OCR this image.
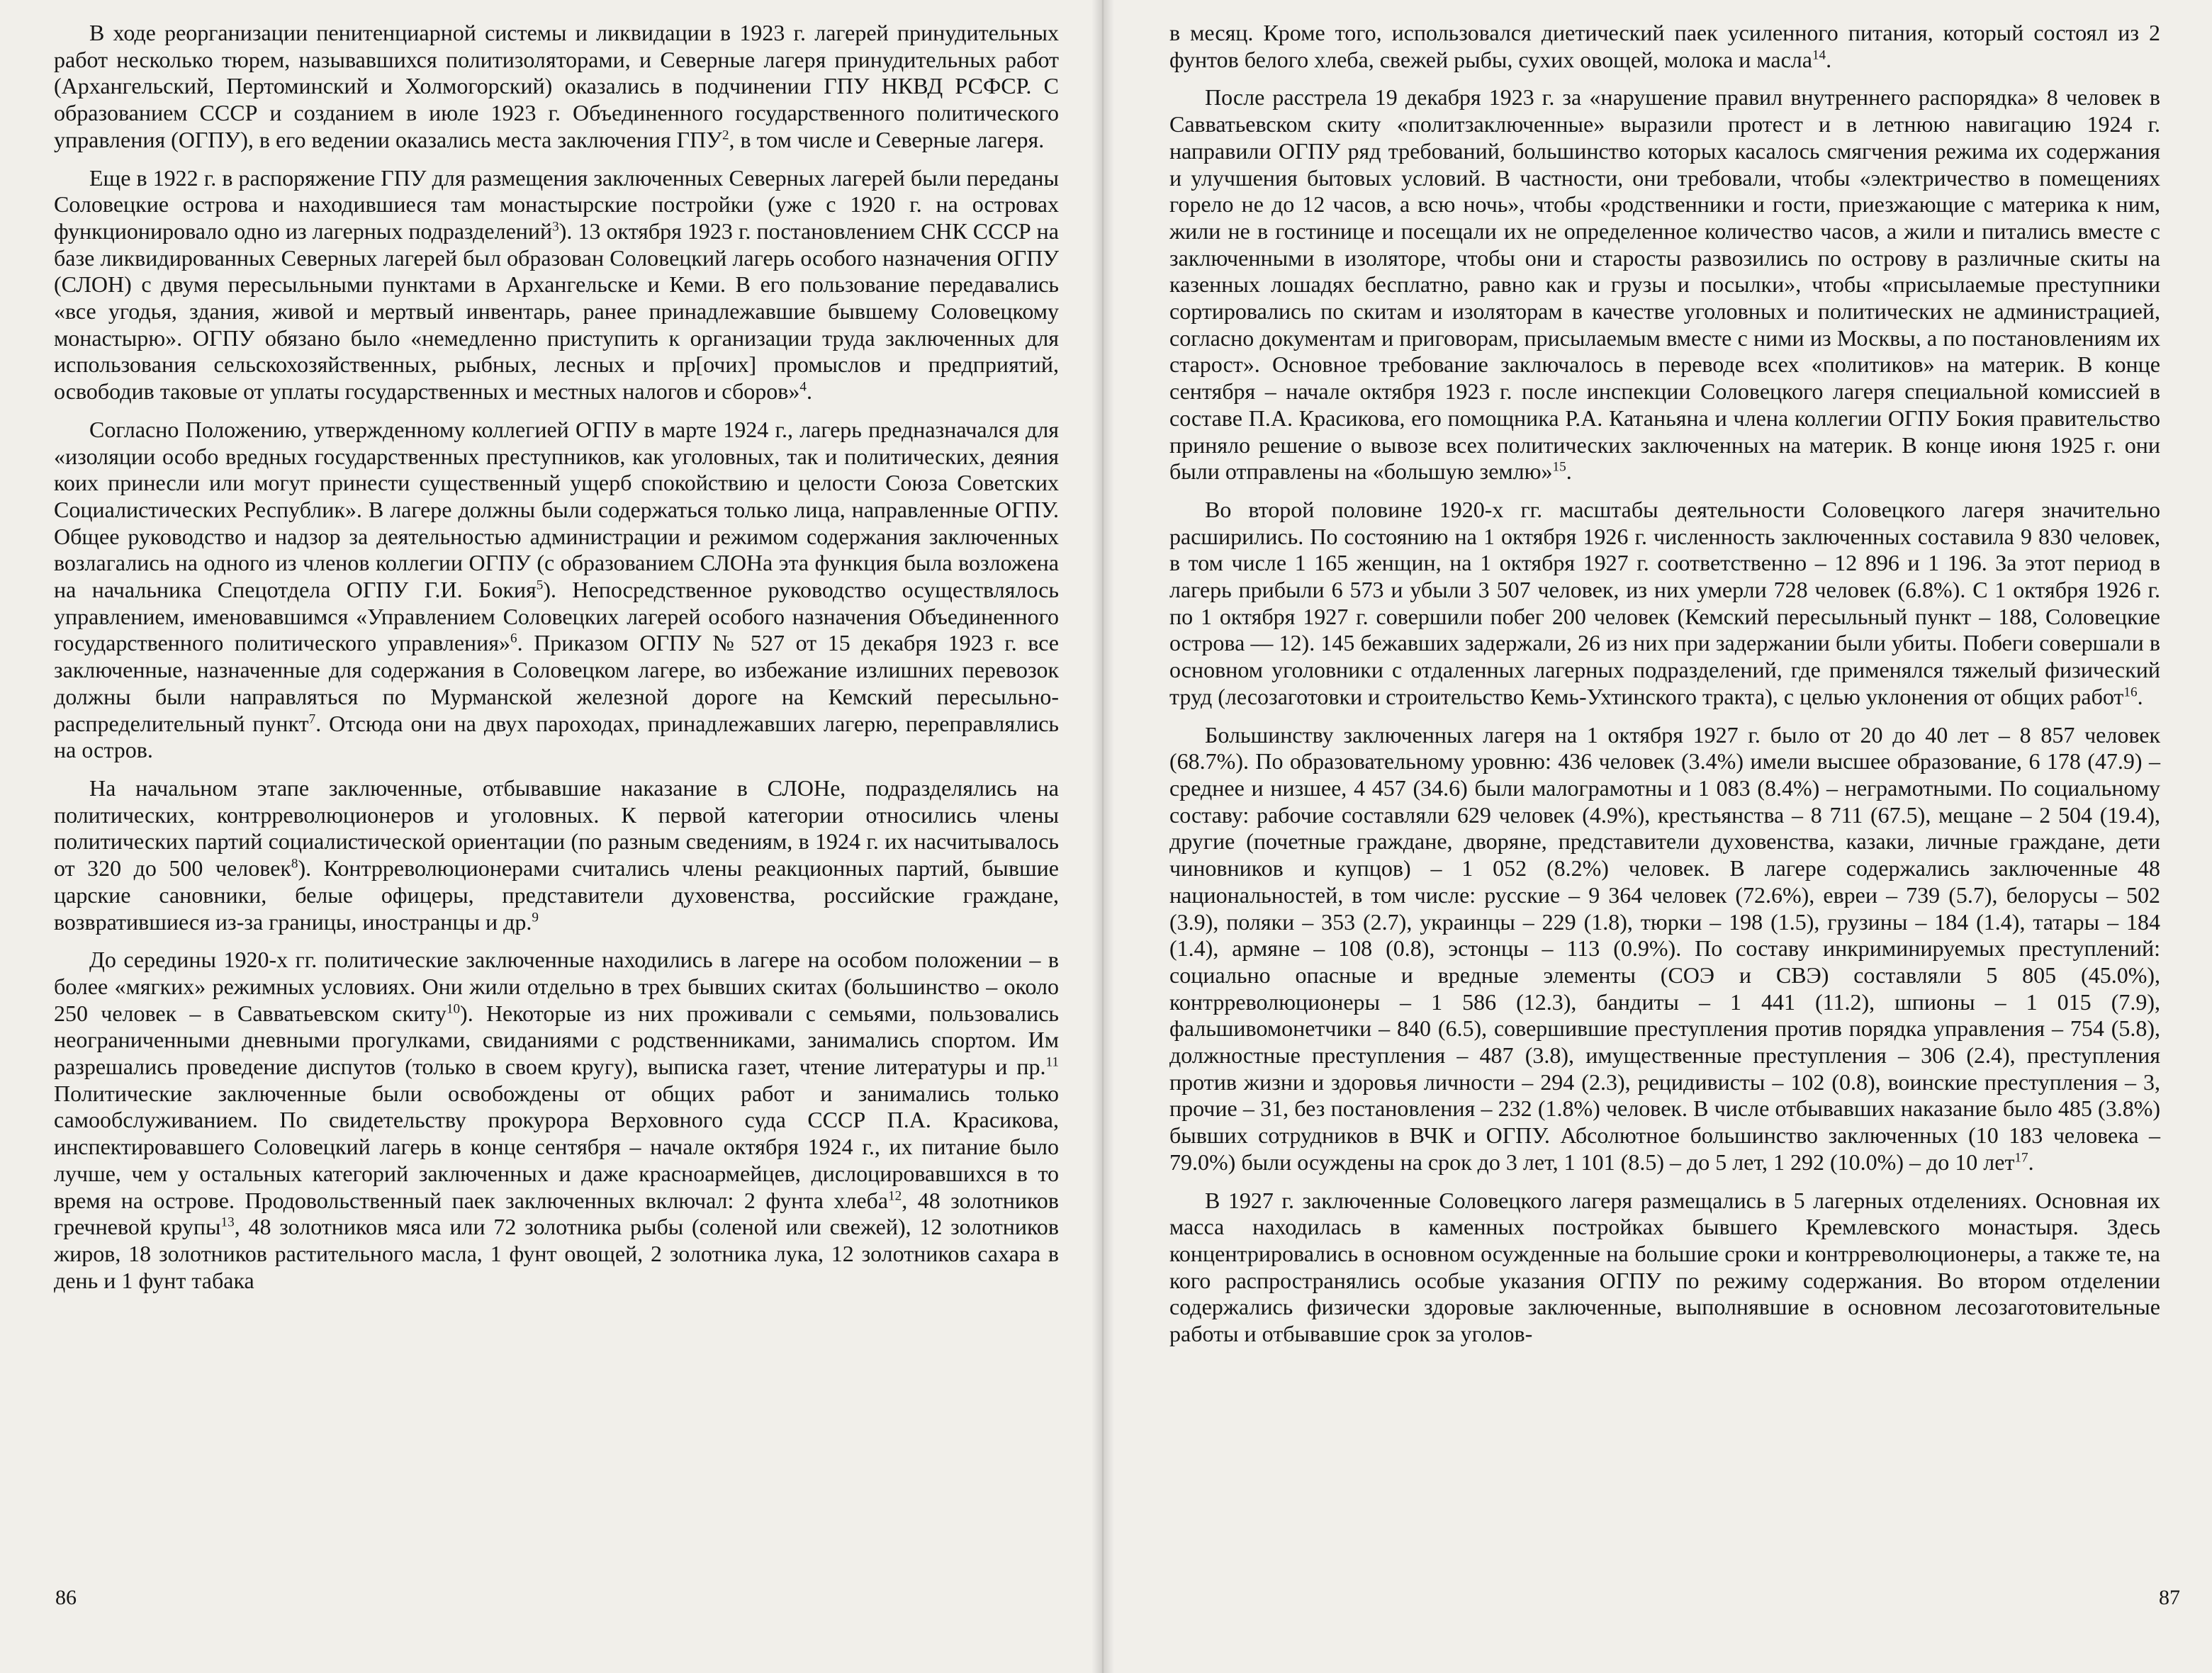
В ходе реорганизации пенитенциарной системы и ликвидации в 1923 г. лагерей принудительных работ несколько тюрем, называвшихся политизоляторами, и Северные лагеря принудительных работ (Архангельский, Пертоминский и Холмогорский) оказались в подчинении ГПУ НКВД РСФСР. С образованием СССР и созданием в июле 1923 г. Объединенного государственного политического управления (ОГПУ), в его ведении оказались места заключения ГПУ$^2$, в том числе и Северные лагеря.

Еще в 1922 г. в распоряжение ГПУ для размещения заключенных Северных лагерей были переданы Соловецкие острова и находившиеся там монастырские постройки (уже с 1920 г. на островах функционировало одно из лагерных подразделений$^3$). 13 октября 1923 г. постановлением СНК СССР на базе ликвидированных Северных лагерей был образован Соловецкий лагерь особого назначения ОГПУ (СЛОН) с двумя пересыльными пунктами в Архангельске и Кеми. В его пользование передавались «все угодья, здания, живой и мертвый инвентарь, ранее принадлежавшие бывшему Соловецкому монастырю». ОГПУ обязано было «немедленно приступить к организации труда заключенных для использования сельскохозяйственных, рыбных, лесных и пр[очих] промыслов и предприятий, освободив таковые от уплаты государственных и местных налогов и сборов»$^4$.

Согласно Положению, утвержденному коллегией ОГПУ в марте 1924 г., лагерь предназначался для «изоляции особо вредных государственных преступников, как уголовных, так и политических, деяния коих принесли или могут принести существенный ущерб спокойствию и целости Союза Советских Социалистических Республик». В лагере должны были содержаться только лица, направленные ОГПУ. Общее руководство и надзор за деятельностью администрации и режимом содержания заключенных возлагались на одного из членов коллегии ОГПУ (с образованием СЛОНа эта функция была возложена на начальника Спецотдела ОГПУ Г.И. Бокия$^5$). Непосредственное руководство осуществлялось управлением, именовавшимся «Управлением Соловецких лагерей особого назначения Объединенного государственного политического управления»$^6$. Приказом ОГПУ № 527 от 15 декабря 1923 г. все заключенные, назначенные для содержания в Соловецком лагере, во избежание излишних перевозок должны были направляться по Мурманской железной дороге на Кемский пересыльно-распределительный пункт$^7$. Отсюда они на двух пароходах, принадлежавших лагерю, переправлялись на остров.

На начальном этапе заключенные, отбывавшие наказание в СЛОНе, подразделялись на политических, контрреволюционеров и уголовных. К первой категории относились члены политических партий социалистической ориентации (по разным сведениям, в 1924 г. их насчитывалось от 320 до 500 человек$^8$). Контрреволюционерами считались члены реакционных партий, бывшие царские сановники, белые офицеры, представители духовенства, российские граждане, возвратившиеся из-за границы, иностранцы и др.$^9$

До середины 1920-х гг. политические заключенные находились в лагере на особом положении – в более «мягких» режимных условиях. Они жили отдельно в трех бывших скитах (большинство – около 250 человек – в Савватьевском скиту$^{10}$). Некоторые из них проживали с семьями, пользовались неограниченными дневными прогулками, свиданиями с родственниками, занимались спортом. Им разрешались проведение диспутов (только в своем кругу), выписка газет, чтение литературы и пр.$^{11}$ Политические заключенные были освобождены от общих работ и занимались только самообслуживанием. По свидетельству прокурора Верховного суда СССР П.А. Красикова, инспектировавшего Соловецкий лагерь в конце сентября – начале октября 1924 г., их питание было лучше, чем у остальных категорий заключенных и даже красноармейцев, дислоцировавшихся в то время на острове. Продовольственный паек заключенных включал: 2 фунта хлеба$^{12}$, 48 золотников гречневой крупы$^{13}$, 48 золотников мяса или 72 золотника рыбы (соленой или свежей), 12 золотников жиров, 18 золотников растительного масла, 1 фунт овощей, 2 золотника лука, 12 золотников сахара в день и 1 фунт табака

86

в месяц. Кроме того, использовался диетический паек усиленного питания, который состоял из 2 фунтов белого хлеба, свежей рыбы, сухих овощей, молока и масла$^{14}$.

После расстрела 19 декабря 1923 г. за «нарушение правил внутреннего распорядка» 8 человек в Савватьевском скиту «политзаключенные» выразили протест и в летнюю навигацию 1924 г. направили ОГПУ ряд требований, большинство которых касалось смягчения режима их содержания и улучшения бытовых условий. В частности, они требовали, чтобы «электричество в помещениях горело не до 12 часов, а всю ночь», чтобы «родственники и гости, приезжающие с материка к ним, жили не в гостинице и посещали их не определенное количество часов, а жили и питались вместе с заключенными в изоляторе, чтобы они и старосты развозились по острову в различные скиты на казенных лошадях бесплатно, равно как и грузы и посылки», чтобы «присылаемые преступники сортировались по скитам и изоляторам в качестве уголовных и политических не администрацией, согласно документам и приговорам, присылаемым вместе с ними из Москвы, а по постановлениям их старост». Основное требование заключалось в переводе всех «политиков» на материк. В конце сентября – начале октября 1923 г. после инспекции Соловецкого лагеря специальной комиссией в составе П.А. Красикова, его помощника Р.А. Катаньяна и члена коллегии ОГПУ Бокия правительство приняло решение о вывозе всех политических заключенных на материк. В конце июня 1925 г. они были отправлены на «большую землю»$^{15}$.

Во второй половине 1920-х гг. масштабы деятельности Соловецкого лагеря значительно расширились. По состоянию на 1 октября 1926 г. численность заключенных составила 9 830 человек, в том числе 1 165 женщин, на 1 октября 1927 г. соответственно – 12 896 и 1 196. За этот период в лагерь прибыли 6 573 и убыли 3 507 человек, из них умерли 728 человек (6.8%). С 1 октября 1926 г. по 1 октября 1927 г. совершили побег 200 человек (Кемский пересыльный пункт – 188, Соловецкие острова — 12). 145 бежавших задержали, 26 из них при задержании были убиты. Побеги совершали в основном уголовники с отдаленных лагерных подразделений, где применялся тяжелый физический труд (лесозаготовки и строительство Кемь-Ухтинского тракта), с целью уклонения от общих работ$^{16}$.

Большинству заключенных лагеря на 1 октября 1927 г. было от 20 до 40 лет – 8 857 человек (68.7%). По образовательному уровню: 436 человек (3.4%) имели высшее образование, 6 178 (47.9) – среднее и низшее, 4 457 (34.6) были малограмотны и 1 083 (8.4%) – неграмотными. По социальному составу: рабочие составляли 629 человек (4.9%), крестьянства – 8 711 (67.5), мещане – 2 504 (19.4), другие (почетные граждане, дворяне, представители духовенства, казаки, личные граждане, дети чиновников и купцов) – 1 052 (8.2%) человек. В лагере содержались заключенные 48 национальностей, в том числе: русские – 9 364 человек (72.6%), евреи – 739 (5.7), белорусы – 502 (3.9), поляки – 353 (2.7), украинцы – 229 (1.8), тюрки – 198 (1.5), грузины – 184 (1.4), татары – 184 (1.4), армяне – 108 (0.8), эстонцы – 113 (0.9%). По составу инкриминируемых преступлений: социально опасные и вредные элементы (СОЭ и СВЭ) составляли 5 805 (45.0%), контрреволюционеры – 1 586 (12.3), бандиты – 1 441 (11.2), шпионы – 1 015 (7.9), фальшивомонетчики – 840 (6.5), совершившие преступления против порядка управления – 754 (5.8), должностные преступления – 487 (3.8), имущественные преступления – 306 (2.4), преступления против жизни и здоровья личности – 294 (2.3), рецидивисты – 102 (0.8), воинские преступления – 3, прочие – 31, без постановления – 232 (1.8%) человек. В числе отбывавших наказание было 485 (3.8%) бывших сотрудников в ВЧК и ОГПУ. Абсолютное большинство заключенных (10 183 человека – 79.0%) были осуждены на срок до 3 лет, 1 101 (8.5) – до 5 лет, 1 292 (10.0%) – до 10 лет$^{17}$.

В 1927 г. заключенные Соловецкого лагеря размещались в 5 лагерных отделениях. Основная их масса находилась в каменных постройках бывшего Кремлевского монастыря. Здесь концентрировались в основном осужденные на большие сроки и контрреволюционеры, а также те, на кого распространялись особые указания ОГПУ по режиму содержания. Во втором отделении содержались физически здоровые заключенные, выполнявшие в основном лесозаготовительные работы и отбывавшие срок за уголов-

87
